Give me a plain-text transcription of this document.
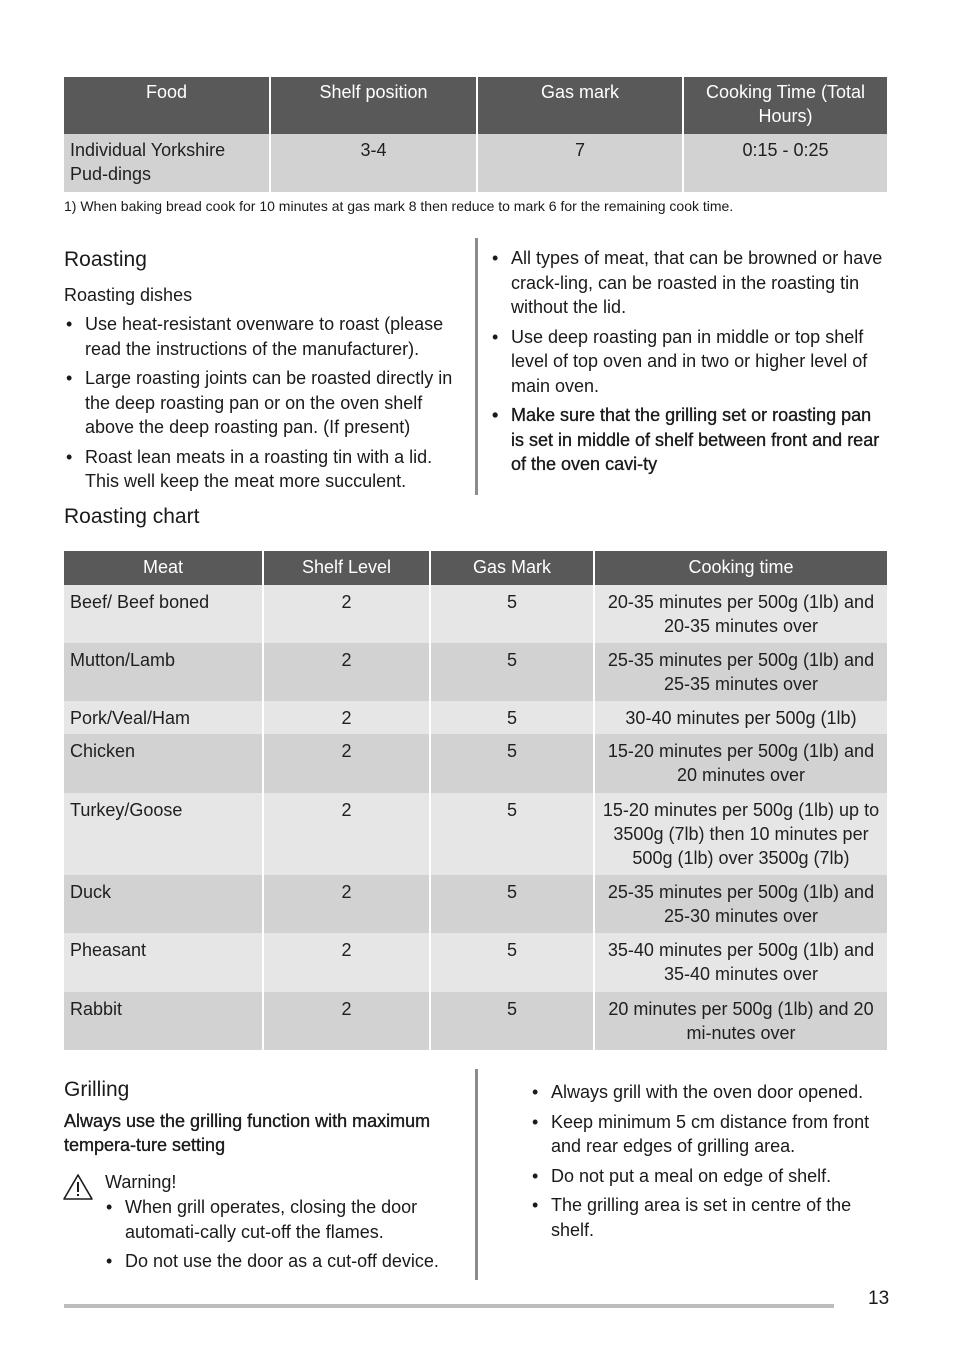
Food	Shelf position	Gas mark	Cooking Time (Total Hours)
Individual Yorkshire Pud-dings	3-4	7	0:15 - 0:25
1) When baking bread cook for 10 minutes at gas mark 8 then reduce to mark 6 for the remaining cook time.
Roasting
Roasting dishes
• Use heat-resistant ovenware to roast (please read the instructions of the manufacturer).
• Large roasting joints can be roasted directly in the deep roasting pan or on the oven shelf above the deep roasting pan. (If present)
• Roast lean meats in a roasting tin with a lid. This well keep the meat more succulent.
• All types of meat, that can be browned or have crack-ling, can be roasted in the roasting tin without the lid.
• Use deep roasting pan in middle or top shelf level of top oven and in two or higher level of main oven.
• Make sure that the grilling set or roasting pan is set in middle of shelf between front and rear of the oven cavi-ty
Roasting chart
Meat	Shelf Level	Gas Mark	Cooking time
Beef/ Beef boned	2	5	20-35 minutes per 500g (1lb) and 20-35 minutes over
Mutton/Lamb	2	5	25-35 minutes per 500g (1lb) and 25-35 minutes over
Pork/Veal/Ham	2	5	30-40 minutes per 500g (1lb)
Chicken	2	5	15-20 minutes per 500g (1lb) and 20 minutes over
Turkey/Goose	2	5	15-20 minutes per 500g (1lb) up to 3500g (7lb) then 10 minutes per 500g (1lb) over 3500g (7lb)
Duck	2	5	25-35 minutes per 500g (1lb) and 25-30 minutes over
Pheasant	2	5	35-40 minutes per 500g (1lb) and 35-40 minutes over
Rabbit	2	5	20 minutes per 500g (1lb) and 20 mi-nutes over
Grilling
Always use the grilling function with maximum tempera-ture setting
Warning!
• When grill operates, closing the door automati-cally cut-off the flames.
• Do not use the door as a cut-off device.
• Always grill with the oven door opened.
• Keep minimum 5 cm distance from front and rear edges of grilling area.
• Do not put a meal on edge of shelf.
• The grilling area is set in centre of the shelf.
13
